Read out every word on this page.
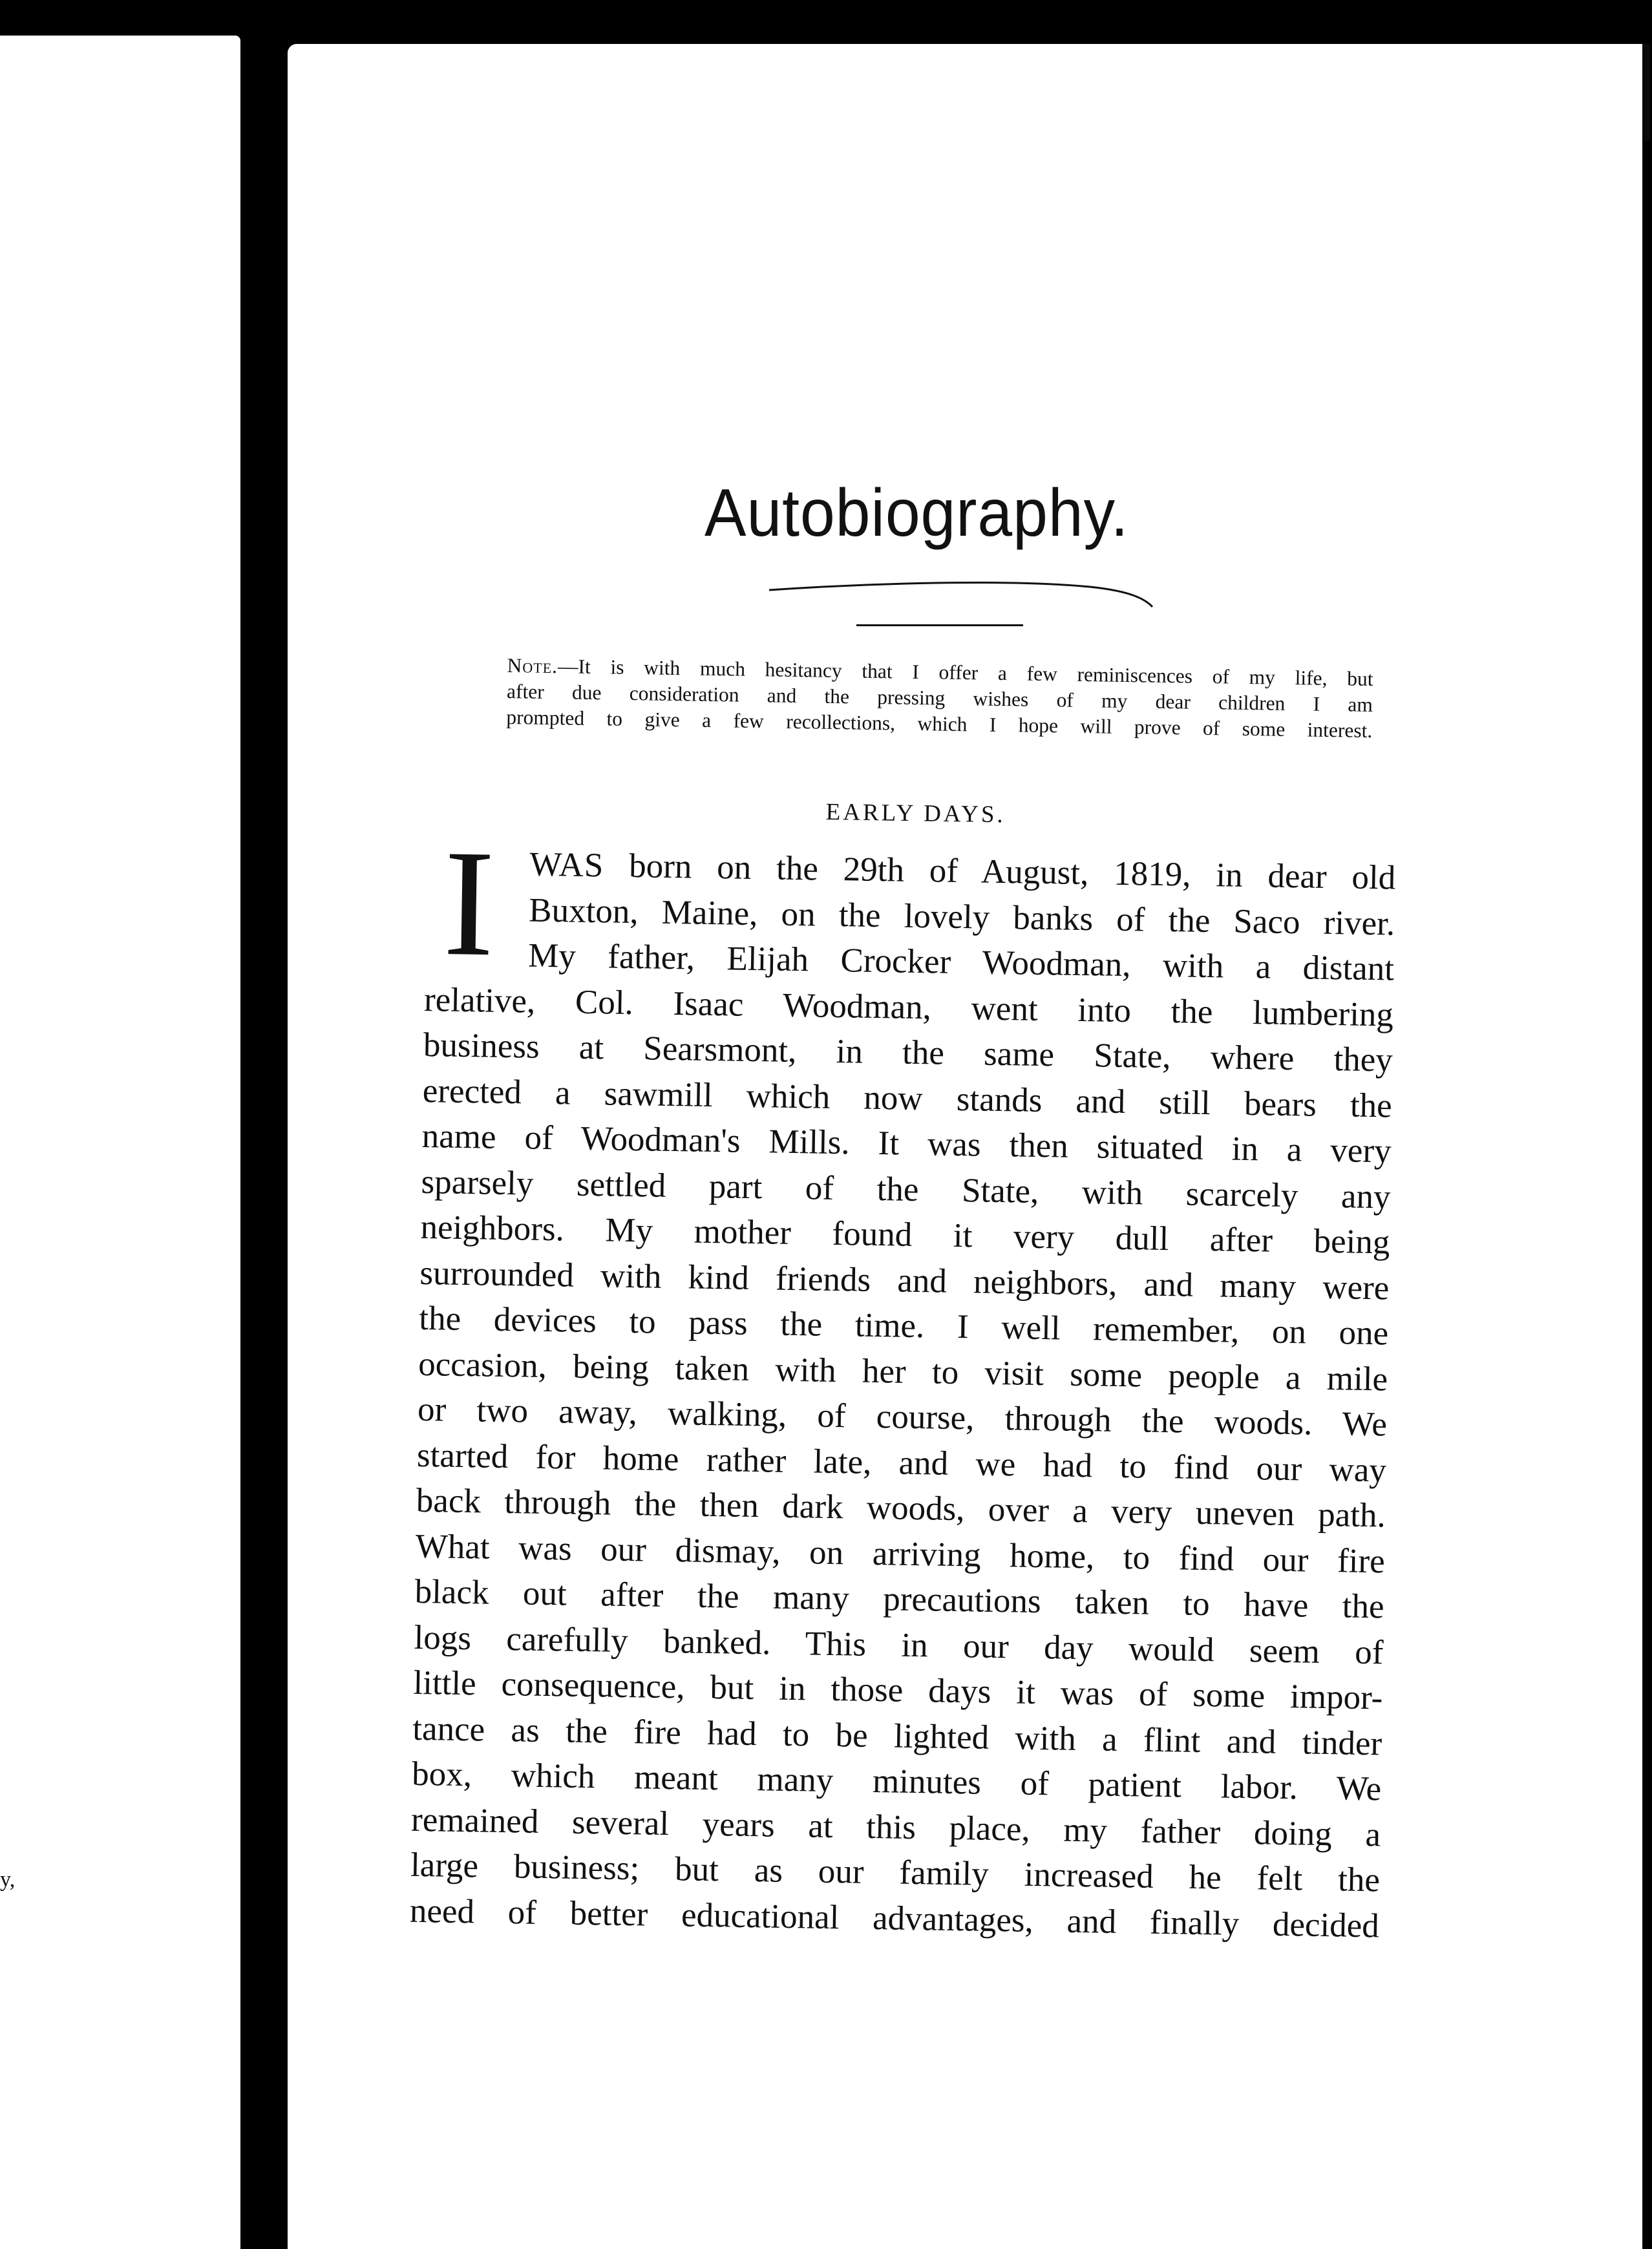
y,
Autobiography.

Note.—It is with much hesitancy that I offer a few reminiscences of my life, but

after due consideration and the pressing wishes of my dear children I am

prompted to give a few recollections, which I hope will prove of some interest.

EARLY DAYS.
I WAS born on the 29th of August, 1819, in dear old
Buxton, Maine, on the lovely banks of the Saco river.
My father, Elijah Crocker Woodman, with a distant
relative, Col. Isaac Woodman, went into the lumbering
business at Searsmont, in the same State, where they
erected a sawmill which now stands and still bears the
name of Woodman's Mills. It was then situated in a very
sparsely settled part of the State, with scarcely any
neighbors. My mother found it very dull after being
surrounded with kind friends and neighbors, and many were
the devices to pass the time. I well remember, on one
occasion, being taken with her to visit some people a mile
or two away, walking, of course, through the woods. We
started for home rather late, and we had to find our way
back through the then dark woods, over a very uneven path.
What was our dismay, on arriving home, to find our fire
black out after the many precautions taken to have the
logs carefully banked. This in our day would seem of
little consequence, but in those days it was of some impor-
tance as the fire had to be lighted with a flint and tinder
box, which meant many minutes of patient labor. We
remained several years at this place, my father doing a
large business; but as our family increased he felt the
need of better educational advantages, and finally decided
